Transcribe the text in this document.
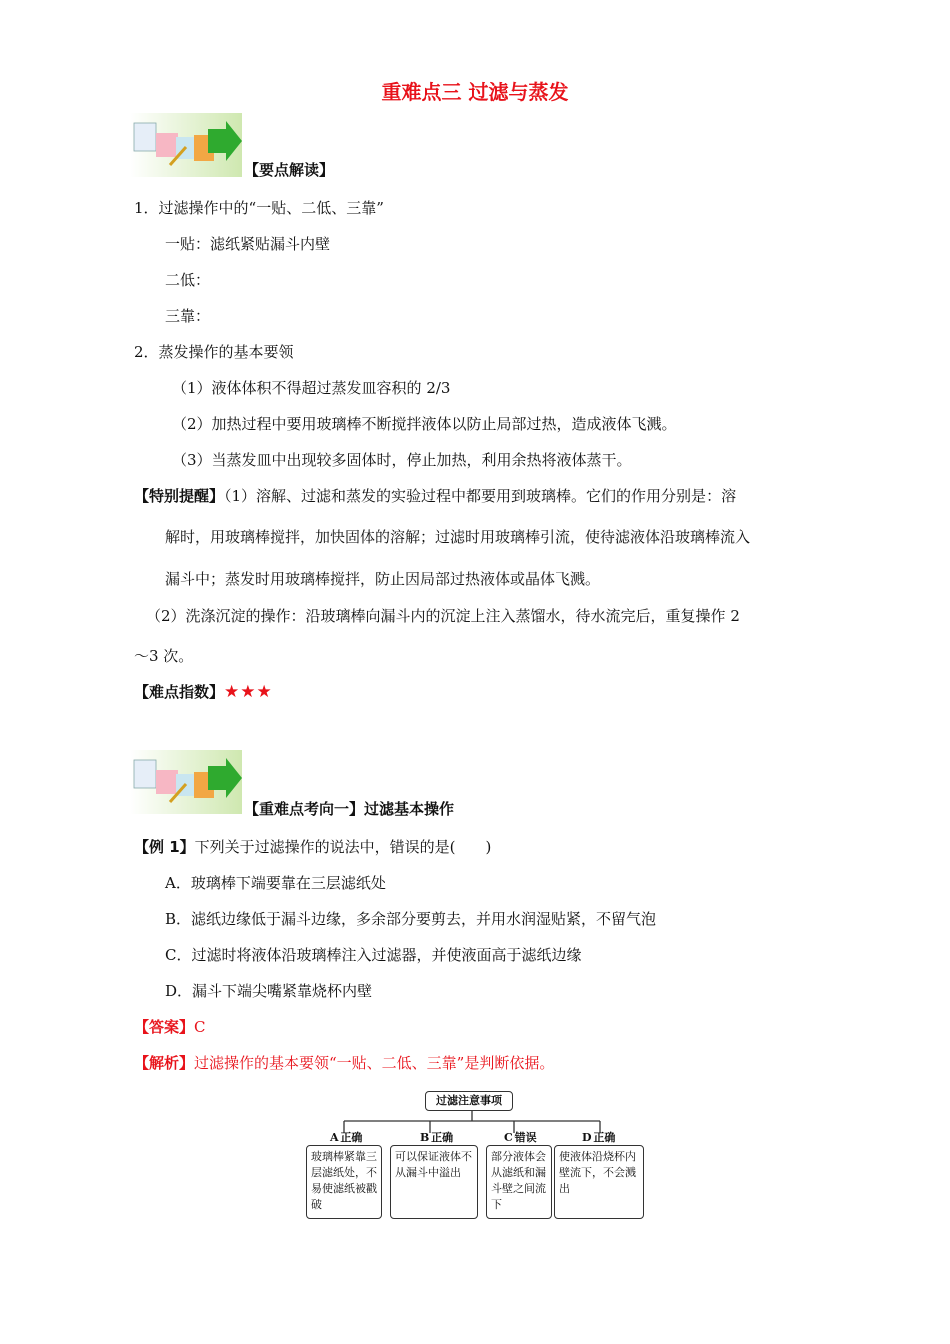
重难点三 过滤与蒸发
【要点解读】
1．过滤操作中的“一贴、二低、三靠”
一贴：滤纸紧贴漏斗内壁
二低：
三靠：
2．蒸发操作的基本要领
（1）液体体积不得超过蒸发皿容积的 2/3
（2）加热过程中要用玻璃棒不断搅拌液体以防止局部过热，造成液体飞溅。
（3）当蒸发皿中出现较多固体时，停止加热，利用余热将液体蒸干。
【特别提醒】（1）溶解、过滤和蒸发的实验过程中都要用到玻璃棒。它们的作用分别是：溶
解时，用玻璃棒搅拌，加快固体的溶解；过滤时用玻璃棒引流，使待滤液体沿玻璃棒流入
漏斗中；蒸发时用玻璃棒搅拌，防止因局部过热液体或晶体飞溅。
（2）洗涤沉淀的操作：沿玻璃棒向漏斗内的沉淀上注入蒸馏水，待水流完后，重复操作 2
～3 次。
【难点指数】★★★
【重难点考向一】过滤基本操作
【例 1】下列关于过滤操作的说法中，错误的是(　　)
A．玻璃棒下端要靠在三层滤纸处
B．滤纸边缘低于漏斗边缘，多余部分要剪去，并用水润湿贴紧，不留气泡
C．过滤时将液体沿玻璃棒注入过滤器，并使液面高于滤纸边缘
D．漏斗下端尖嘴紧靠烧杯内壁
【答案】C
【解析】过滤操作的基本要领“一贴、二低、三靠”是判断依据。
过滤注意事项
A  正确
玻璃棒紧靠三层滤纸处，不易使滤纸被戳破
B  正确
可以保证液体不从漏斗中溢出
C  错误
部分液体会从滤纸和漏斗壁之间流下
D  正确
使液体沿烧杯内壁流下，不会溅出
